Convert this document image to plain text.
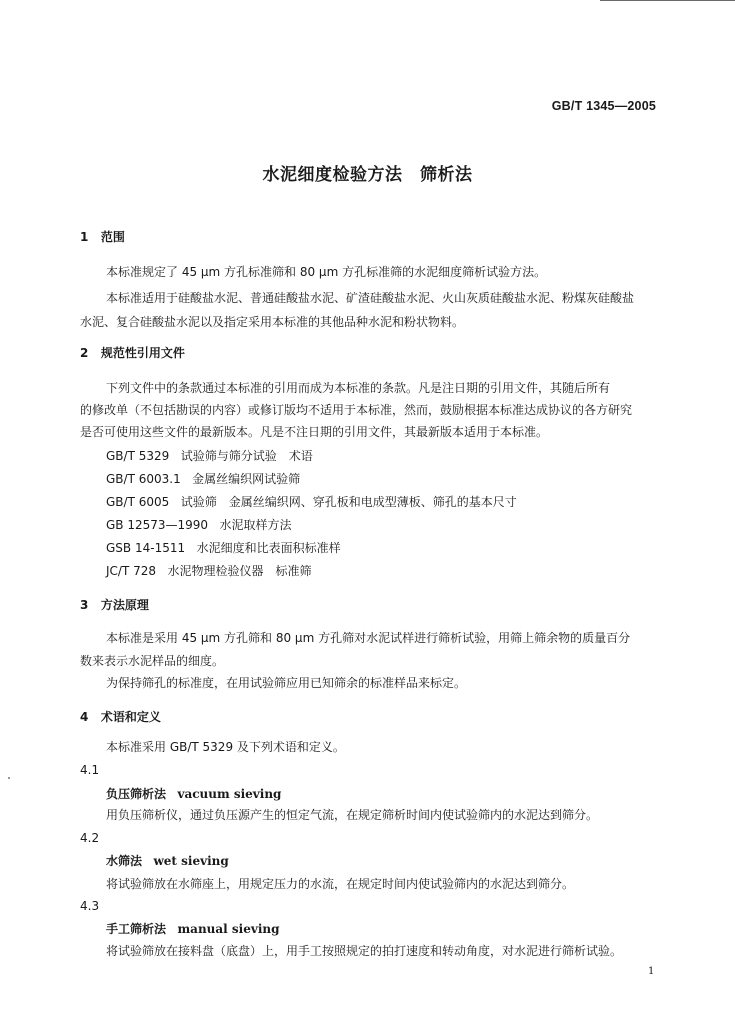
GB/T 1345—2005
水泥细度检验方法　筛析法
1 范围
本标准规定了 45 μm 方孔标准筛和 80 μm 方孔标准筛的水泥细度筛析试验方法。
本标准适用于硅酸盐水泥、普通硅酸盐水泥、矿渣硅酸盐水泥、火山灰质硅酸盐水泥、粉煤灰硅酸盐
水泥、复合硅酸盐水泥以及指定采用本标准的其他品种水泥和粉状物料。
2 规范性引用文件
下列文件中的条款通过本标准的引用而成为本标准的条款。凡是注日期的引用文件，其随后所有
的修改单（不包括勘误的内容）或修订版均不适用于本标准，然而，鼓励根据本标准达成协议的各方研究
是否可使用这些文件的最新版本。凡是不注日期的引用文件，其最新版本适用于本标准。
GB/T 5329 试验筛与筛分试验　术语
GB/T 6003.1 金属丝编织网试验筛
GB/T 6005 试验筛　金属丝编织网、穿孔板和电成型薄板、筛孔的基本尺寸
GB 12573—1990 水泥取样方法
GSB 14-1511 水泥细度和比表面积标准样
JC/T 728 水泥物理检验仪器　标准筛
3 方法原理
本标准是采用 45 μm 方孔筛和 80 μm 方孔筛对水泥试样进行筛析试验，用筛上筛余物的质量百分
数来表示水泥样品的细度。
为保持筛孔的标准度，在用试验筛应用已知筛余的标准样品来标定。
4 术语和定义
本标准采用 GB/T 5329 及下列术语和定义。
4.1
负压筛析法 vacuum sieving
用负压筛析仪，通过负压源产生的恒定气流，在规定筛析时间内使试验筛内的水泥达到筛分。
4.2
水筛法 wet sieving
将试验筛放在水筛座上，用规定压力的水流，在规定时间内使试验筛内的水泥达到筛分。
4.3
手工筛析法 manual sieving
将试验筛放在接料盘（底盘）上，用手工按照规定的拍打速度和转动角度，对水泥进行筛析试验。
1
